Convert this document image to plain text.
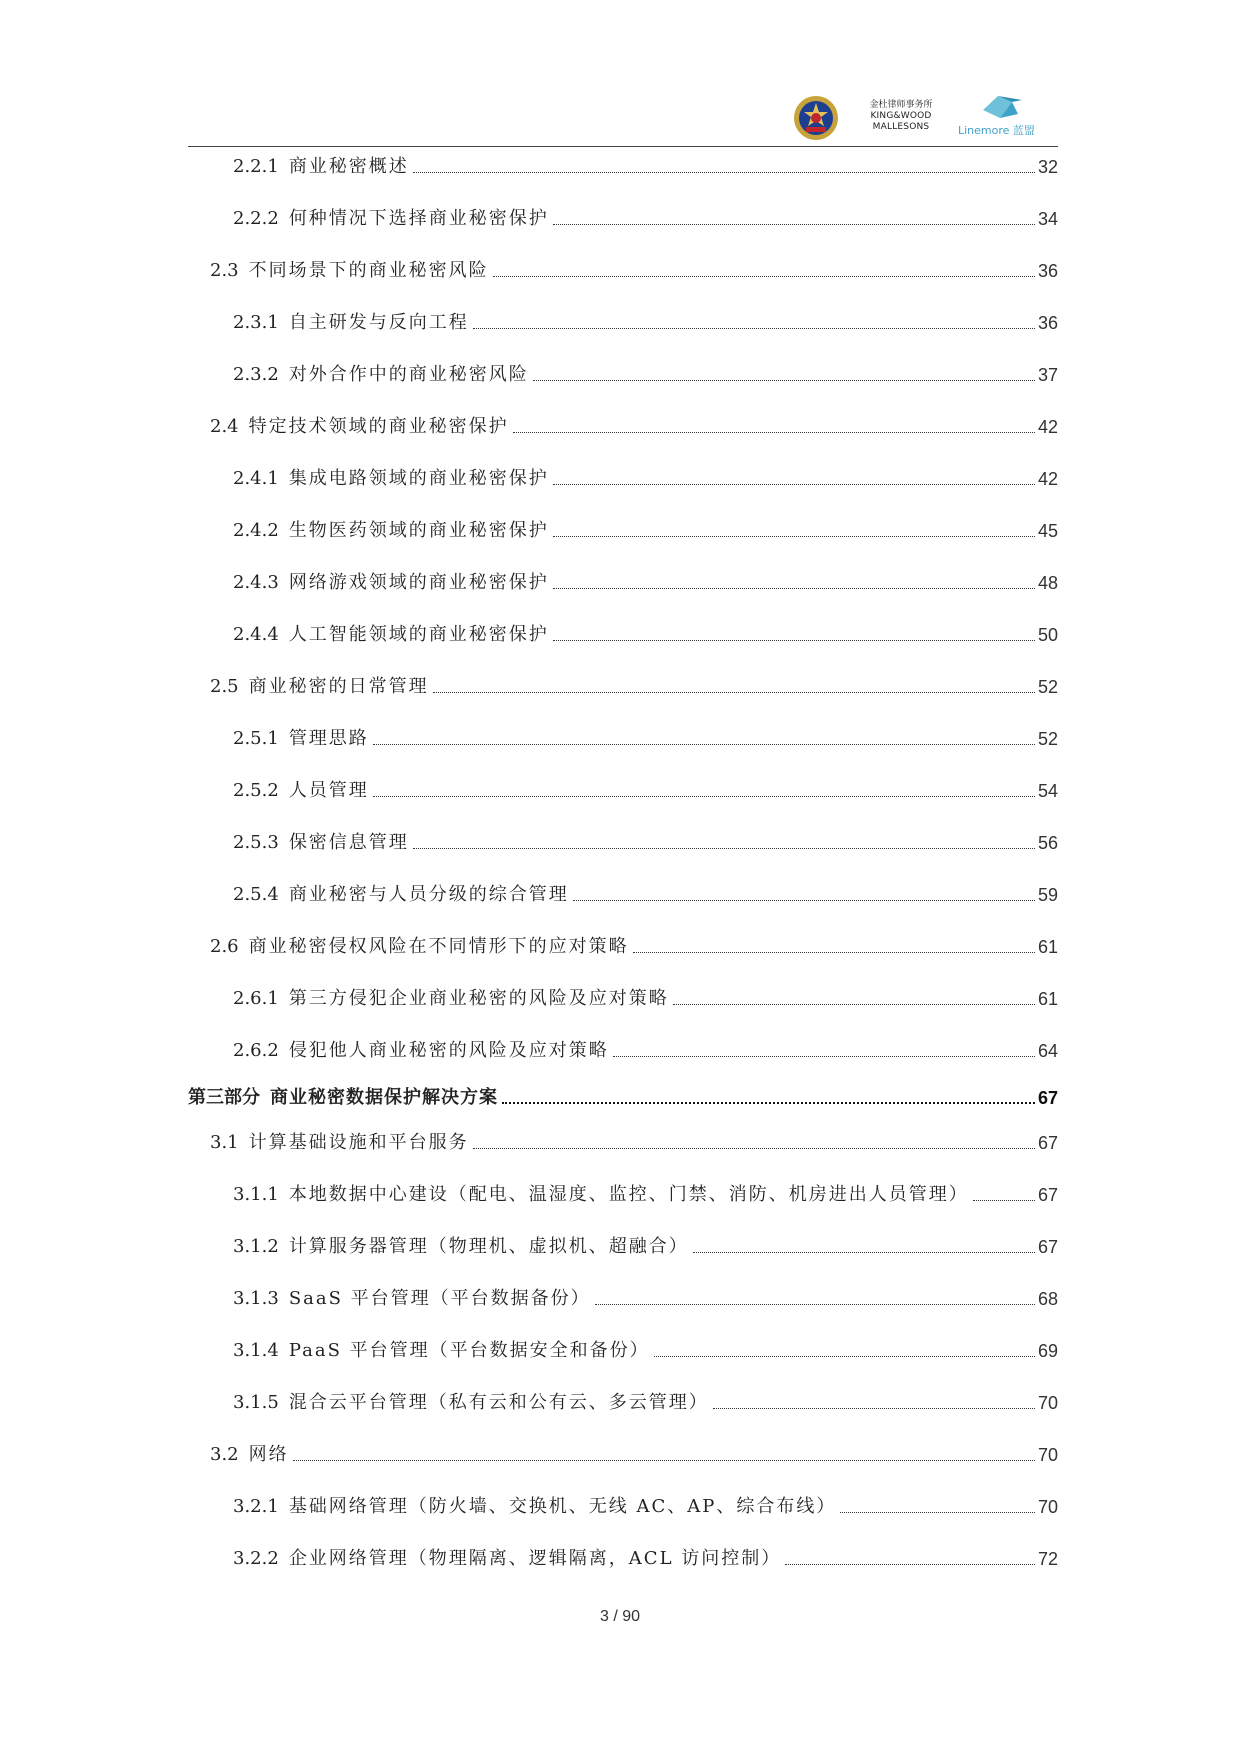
金杜律师事务所
KING&WOOD
MALLESONS	Linemore 蓝盟
2.2.1 商业秘密概述	32
2.2.2 何种情况下选择商业秘密保护	34
2.3 不同场景下的商业秘密风险	36
2.3.1 自主研发与反向工程	36
2.3.2 对外合作中的商业秘密风险	37
2.4 特定技术领域的商业秘密保护	42
2.4.1 集成电路领域的商业秘密保护	42
2.4.2 生物医药领域的商业秘密保护	45
2.4.3 网络游戏领域的商业秘密保护	48
2.4.4 人工智能领域的商业秘密保护	50
2.5 商业秘密的日常管理	52
2.5.1 管理思路	52
2.5.2 人员管理	54
2.5.3 保密信息管理	56
2.5.4 商业秘密与人员分级的综合管理	59
2.6 商业秘密侵权风险在不同情形下的应对策略	61
2.6.1 第三方侵犯企业商业秘密的风险及应对策略	61
2.6.2 侵犯他人商业秘密的风险及应对策略	64
第三部分 商业秘密数据保护解决方案	67
3.1 计算基础设施和平台服务	67
3.1.1 本地数据中心建设（配电、温湿度、监控、门禁、消防、机房进出人员管理）	67
3.1.2 计算服务器管理（物理机、虚拟机、超融合）	67
3.1.3 SaaS 平台管理（平台数据备份）	68
3.1.4 PaaS 平台管理（平台数据安全和备份）	69
3.1.5 混合云平台管理（私有云和公有云、多云管理）	70
3.2 网络	70
3.2.1 基础网络管理（防火墙、交换机、无线 AC、AP、综合布线）	70
3.2.2 企业网络管理（物理隔离、逻辑隔离，ACL 访问控制）	72
3 / 90
